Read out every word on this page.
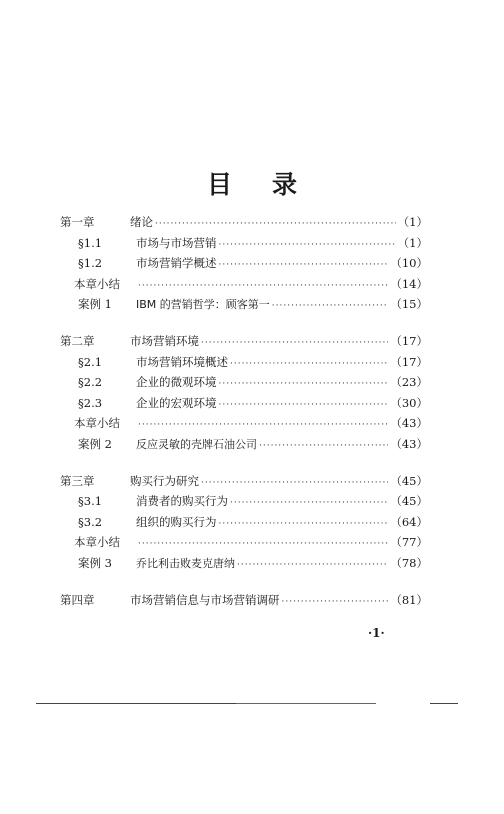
目 录
第一章	绪论 ·····	（1）
§1.1	市场与市场营销 ·····	（1）
§1.2	市场营销学概述 ·····	（10）
本章小结 ·····	（14）
案例 1	IBM 的营销哲学：顾客第一 ·····	（15）
第二章	市场营销环境 ·····	（17）
§2.1	市场营销环境概述 ·····	（17）
§2.2	企业的微观环境 ·····	（23）
§2.3	企业的宏观环境 ·····	（30）
本章小结 ·····	（43）
案例 2	反应灵敏的壳牌石油公司 ·····	（43）
第三章	购买行为研究 ·····	（45）
§3.1	消费者的购买行为 ·····	（45）
§3.2	组织的购买行为 ·····	（64）
本章小结 ·····	（77）
案例 3	乔比利击败麦克唐纳 ·····	（78）
第四章	市场营销信息与市场营销调研 ·····	（81）
·1·
